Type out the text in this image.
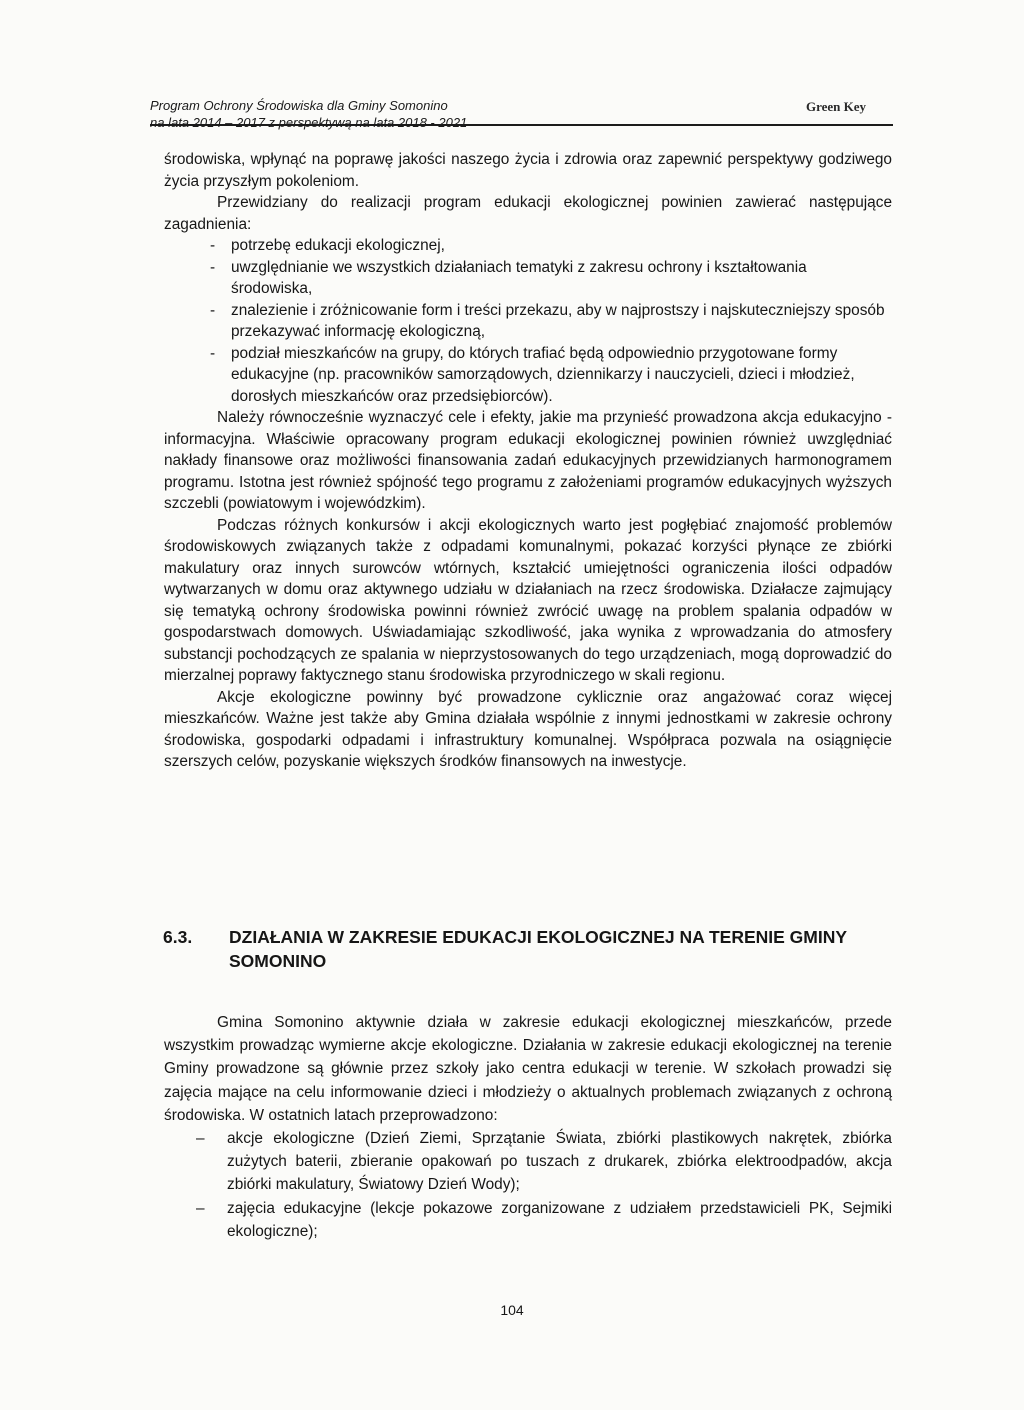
Program Ochrony Środowiska dla Gminy Somonino
na lata 2014 – 2017 z perspektywą na lata 2018 - 2021
Green Key

środowiska, wpłynąć na poprawę jakości naszego życia i zdrowia oraz zapewnić perspektywy godziwego życia przyszłym pokoleniom.

Przewidziany do realizacji program edukacji ekologicznej powinien zawierać następujące zagadnienia:

- potrzebę edukacji ekologicznej,
- uwzględnianie we wszystkich działaniach tematyki z zakresu ochrony i kształtowania środowiska,
- znalezienie i zróżnicowanie form i treści przekazu, aby w najprostszy i najskuteczniejszy sposób przekazywać informację ekologiczną,
- podział mieszkańców na grupy, do których trafiać będą odpowiednio przygotowane formy edukacyjne (np. pracowników samorządowych, dziennikarzy i nauczycieli, dzieci i młodzież, dorosłych mieszkańców oraz przedsiębiorców).

Należy równocześnie wyznaczyć cele i efekty, jakie ma przynieść prowadzona akcja edukacyjno - informacyjna. Właściwie opracowany program edukacji ekologicznej powinien również uwzględniać nakłady finansowe oraz możliwości finansowania zadań edukacyjnych przewidzianych harmonogramem programu. Istotna jest również spójność tego programu z założeniami programów edukacyjnych wyższych szczebli (powiatowym i wojewódzkim).

Podczas różnych konkursów i akcji ekologicznych warto jest pogłębiać znajomość problemów środowiskowych związanych także z odpadami komunalnymi, pokazać korzyści płynące ze zbiórki makulatury oraz innych surowców wtórnych, kształcić umiejętności ograniczenia ilości odpadów wytwarzanych w domu oraz aktywnego udziału w działaniach na rzecz środowiska. Działacze zajmujący się tematyką ochrony środowiska powinni również zwrócić uwagę na problem spalania odpadów w gospodarstwach domowych. Uświadamiając szkodliwość, jaka wynika z wprowadzania do atmosfery substancji pochodzących ze spalania w nieprzystosowanych do tego urządzeniach, mogą doprowadzić do mierzalnej poprawy faktycznego stanu środowiska przyrodniczego w skali regionu.

Akcje ekologiczne powinny być prowadzone cyklicznie oraz angażować coraz więcej mieszkańców. Ważne jest także aby Gmina działała wspólnie z innymi jednostkami w zakresie ochrony środowiska, gospodarki odpadami i infrastruktury komunalnej. Współpraca pozwala na osiągnięcie szerszych celów, pozyskanie większych środków finansowych na inwestycje.

6.3. DZIAŁANIA W ZAKRESIE EDUKACJI EKOLOGICZNEJ NA TERENIE GMINY SOMONINO

Gmina Somonino aktywnie działa w zakresie edukacji ekologicznej mieszkańców, przede wszystkim prowadząc wymierne akcje ekologiczne. Działania w zakresie edukacji ekologicznej na terenie Gminy prowadzone są głównie przez szkoły jako centra edukacji w terenie. W szkołach prowadzi się zajęcia mające na celu informowanie dzieci i młodzieży o aktualnych problemach związanych z ochroną środowiska. W ostatnich latach przeprowadzono:

– akcje ekologiczne (Dzień Ziemi, Sprzątanie Świata, zbiórki plastikowych nakrętek, zbiórka zużytych baterii, zbieranie opakowań po tuszach z drukarek, zbiórka elektroodpadów, akcja zbiórki makulatury, Światowy Dzień Wody);
– zajęcia edukacyjne (lekcje pokazowe zorganizowane z udziałem przedstawicieli PK, Sejmiki ekologiczne);
104
